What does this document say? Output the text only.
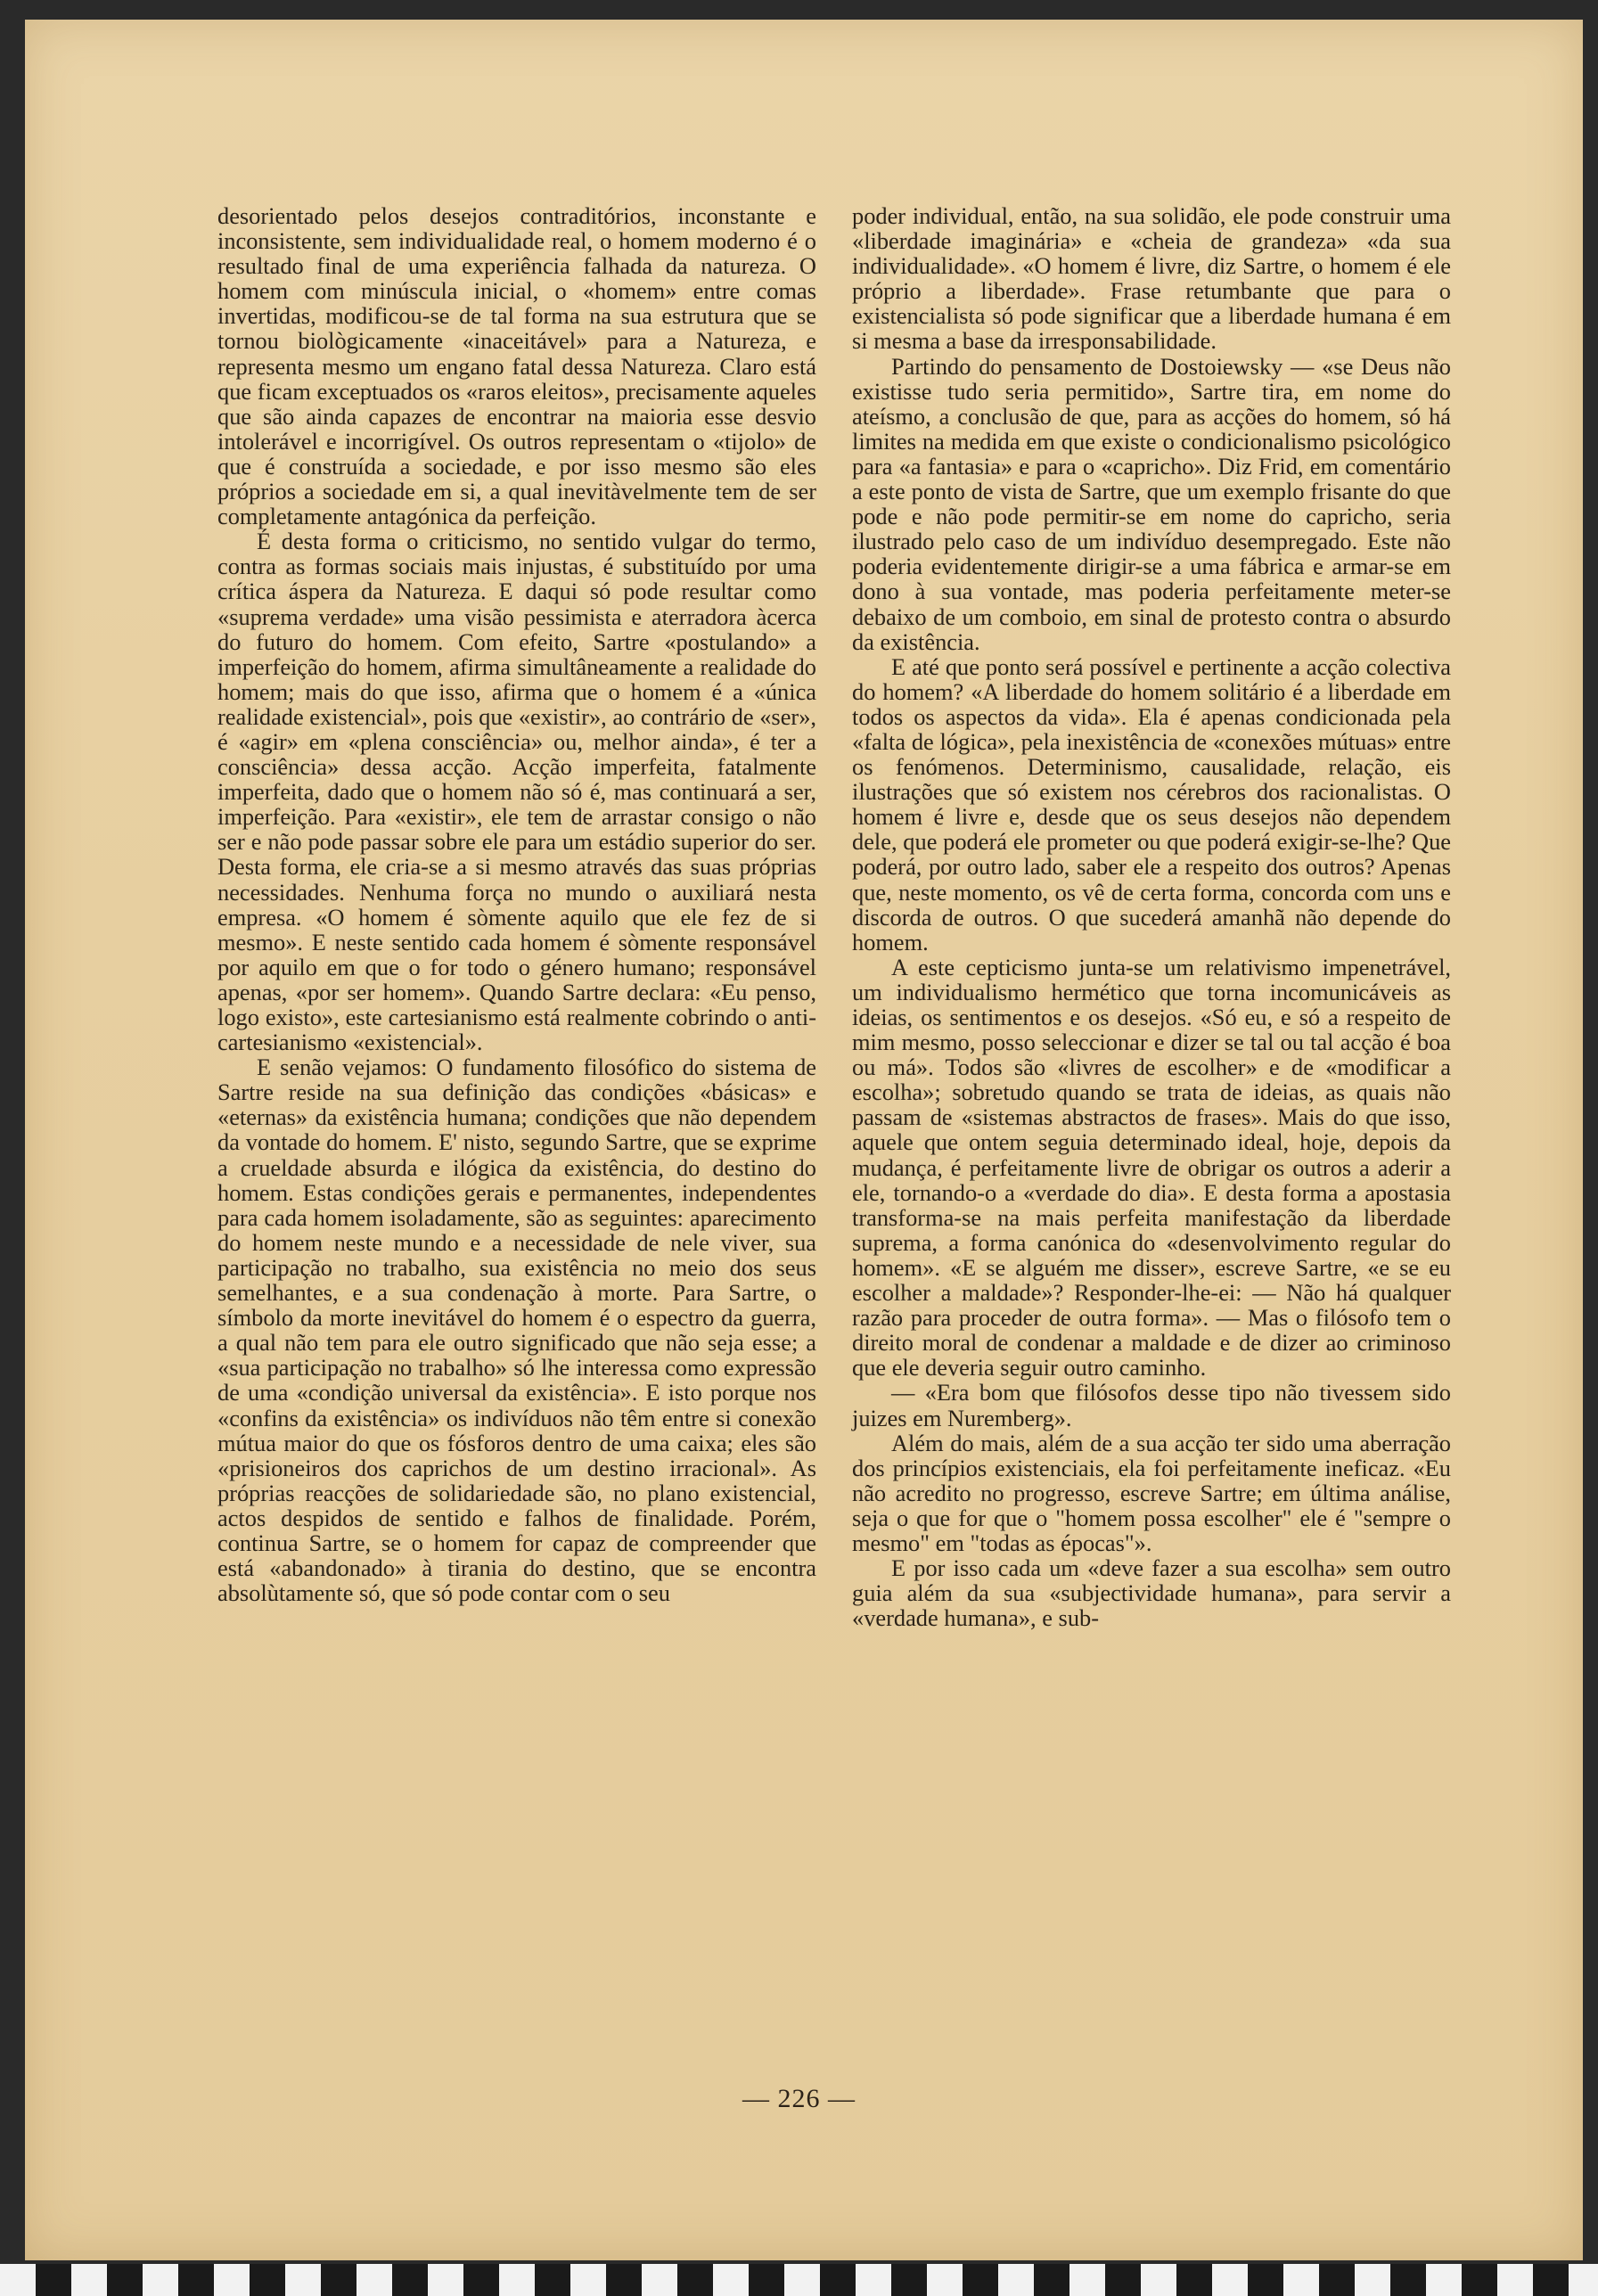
desorientado pelos desejos contraditórios, inconstante e inconsistente, sem individualidade real, o homem moderno é o resultado final de uma experiência falhada da natureza. O homem com minúscula inicial, o «homem» entre comas invertidas, modificou-se de tal forma na sua estrutura que se tornou biològicamente «inaceitável» para a Natureza, e representa mesmo um engano fatal dessa Natureza. Claro está que ficam exceptuados os «raros eleitos», precisamente aqueles que são ainda capazes de encontrar na maioria esse desvio intolerável e incorrigível. Os outros representam o «tijolo» de que é construída a sociedade, e por isso mesmo são eles próprios a sociedade em si, a qual inevitàvelmente tem de ser completamente antagónica da perfeição.

É desta forma o criticismo, no sentido vulgar do termo, contra as formas sociais mais injustas, é substituído por uma crítica áspera da Natureza. E daqui só pode resultar como «suprema verdade» uma visão pessimista e aterradora àcerca do futuro do homem. Com efeito, Sartre «postulando» a imperfeição do homem, afirma simultâneamente a realidade do homem; mais do que isso, afirma que o homem é a «única realidade existencial», pois que «existir», ao contrário de «ser», é «agir» em «plena consciência» ou, melhor ainda», é ter a consciência» dessa acção. Acção imperfeita, fatalmente imperfeita, dado que o homem não só é, mas continuará a ser, imperfeição. Para «existir», ele tem de arrastar consigo o não ser e não pode passar sobre ele para um estádio superior do ser. Desta forma, ele cria-se a si mesmo através das suas próprias necessidades. Nenhuma força no mundo o auxiliará nesta empresa. «O homem é sòmente aquilo que ele fez de si mesmo». E neste sentido cada homem é sòmente responsável por aquilo em que o for todo o género humano; responsável apenas, «por ser homem». Quando Sartre declara: «Eu penso, logo existo», este cartesianismo está realmente cobrindo o anti-cartesianismo «existencial».

E senão vejamos: O fundamento filosófico do sistema de Sartre reside na sua definição das condições «básicas» e «eternas» da existência humana; condições que não dependem da vontade do homem. E' nisto, segundo Sartre, que se exprime a crueldade absurda e ilógica da existência, do destino do homem. Estas condições gerais e permanentes, independentes para cada homem isoladamente, são as seguintes: aparecimento do homem neste mundo e a necessidade de nele viver, sua participação no trabalho, sua existência no meio dos seus semelhantes, e a sua condenação à morte. Para Sartre, o símbolo da morte inevitável do homem é o espectro da guerra, a qual não tem para ele outro significado que não seja esse; a «sua participação no trabalho» só lhe interessa como expressão de uma «condição universal da existência». E isto porque nos «confins da existência» os indivíduos não têm entre si conexão mútua maior do que os fósforos dentro de uma caixa; eles são «prisioneiros dos caprichos de um destino irracional». As próprias reacções de solidariedade são, no plano existencial, actos despidos de sentido e falhos de finalidade. Porém, continua Sartre, se o homem for capaz de compreender que está «abandonado» à tirania do destino, que se encontra absolùtamente só, que só pode contar com o seu

poder individual, então, na sua solidão, ele pode construir uma «liberdade imaginária» e «cheia de grandeza» «da sua individualidade». «O homem é livre, diz Sartre, o homem é ele próprio a liberdade». Frase retumbante que para o existencialista só pode significar que a liberdade humana é em si mesma a base da irresponsabilidade.

Partindo do pensamento de Dostoiewsky — «se Deus não existisse tudo seria permitido», Sartre tira, em nome do ateísmo, a conclusão de que, para as acções do homem, só há limites na medida em que existe o condicionalismo psicológico para «a fantasia» e para o «capricho». Diz Frid, em comentário a este ponto de vista de Sartre, que um exemplo frisante do que pode e não pode permitir-se em nome do capricho, seria ilustrado pelo caso de um indivíduo desempregado. Este não poderia evidentemente dirigir-se a uma fábrica e armar-se em dono à sua vontade, mas poderia perfeitamente meter-se debaixo de um comboio, em sinal de protesto contra o absurdo da existência.

E até que ponto será possível e pertinente a acção colectiva do homem? «A liberdade do homem solitário é a liberdade em todos os aspectos da vida». Ela é apenas condicionada pela «falta de lógica», pela inexistência de «conexões mútuas» entre os fenómenos. Determinismo, causalidade, relação, eis ilustrações que só existem nos cérebros dos racionalistas. O homem é livre e, desde que os seus desejos não dependem dele, que poderá ele prometer ou que poderá exigir-se-lhe? Que poderá, por outro lado, saber ele a respeito dos outros? Apenas que, neste momento, os vê de certa forma, concorda com uns e discorda de outros. O que sucederá amanhã não depende do homem.

A este cepticismo junta-se um relativismo impenetrável, um individualismo hermético que torna incomunicáveis as ideias, os sentimentos e os desejos. «Só eu, e só a respeito de mim mesmo, posso seleccionar e dizer se tal ou tal acção é boa ou má». Todos são «livres de escolher» e de «modificar a escolha»; sobretudo quando se trata de ideias, as quais não passam de «sistemas abstractos de frases». Mais do que isso, aquele que ontem seguia determinado ideal, hoje, depois da mudança, é perfeitamente livre de obrigar os outros a aderir a ele, tornando-o a «verdade do dia». E desta forma a apostasia transforma-se na mais perfeita manifestação da liberdade suprema, a forma canónica do «desenvolvimento regular do homem». «E se alguém me disser», escreve Sartre, «e se eu escolher a maldade»? Responder-lhe-ei: — Não há qualquer razão para proceder de outra forma». — Mas o filósofo tem o direito moral de condenar a maldade e de dizer ao criminoso que ele deveria seguir outro caminho.

— «Era bom que filósofos desse tipo não tivessem sido juizes em Nuremberg».

Além do mais, além de a sua acção ter sido uma aberração dos princípios existenciais, ela foi perfeitamente ineficaz. «Eu não acredito no progresso, escreve Sartre; em última análise, seja o que for que o "homem possa escolher" ele é "sempre o mesmo" em "todas as épocas"».

E por isso cada um «deve fazer a sua escolha» sem outro guia além da sua «subjectividade humana», para servir a «verdade humana», e sub-

— 226 —
